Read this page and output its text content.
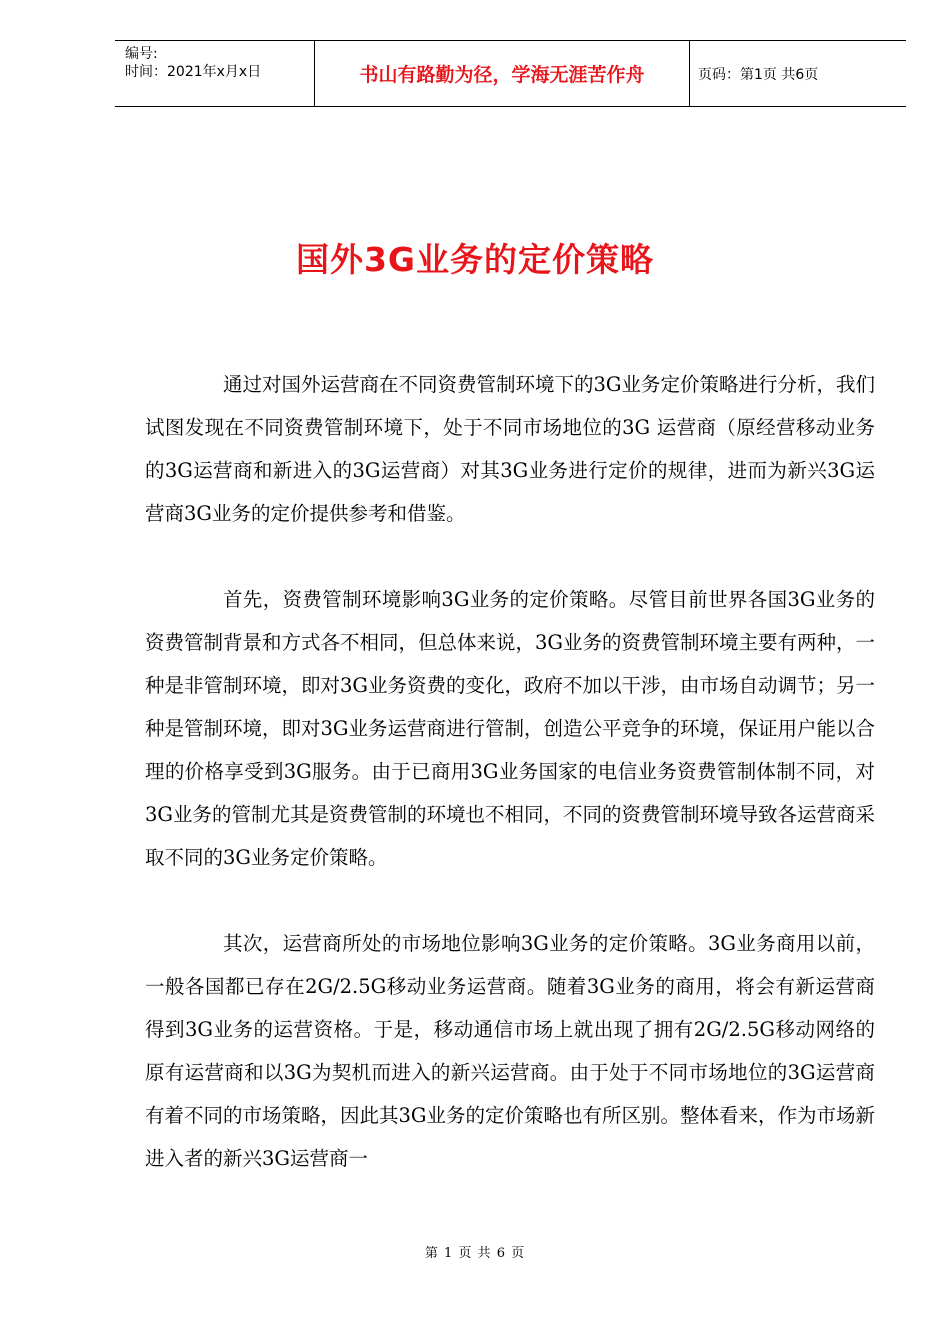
编号:
时间：2021年x月x日	书山有路勤为径，学海无涯苦作舟	页码：第1页 共6页
国外3G业务的定价策略

通过对国外运营商在不同资费管制环境下的3G业务定价策略进行分析，我们试图发现在不同资费管制环境下，处于不同市场地位的3G 运营商（原经营移动业务的3G运营商和新进入的3G运营商）对其3G业务进行定价的规律，进而为新兴3G运营商3G业务的定价提供参考和借鉴。

首先，资费管制环境影响3G业务的定价策略。尽管目前世界各国3G业务的资费管制背景和方式各不相同，但总体来说，3G业务的资费管制环境主要有两种，一种是非管制环境，即对3G业务资费的变化，政府不加以干涉，由市场自动调节；另一种是管制环境，即对3G业务运营商进行管制，创造公平竞争的环境，保证用户能以合理的价格享受到3G服务。由于已商用3G业务国家的电信业务资费管制体制不同，对3G业务的管制尤其是资费管制的环境也不相同，不同的资费管制环境导致各运营商采取不同的3G业务定价策略。

其次，运营商所处的市场地位影响3G业务的定价策略。3G业务商用以前，一般各国都已存在2G/2.5G移动业务运营商。随着3G业务的商用，将会有新运营商得到3G业务的运营资格。于是，移动通信市场上就出现了拥有2G/2.5G移动网络的原有运营商和以3G为契机而进入的新兴运营商。由于处于不同市场地位的3G运营商有着不同的市场策略，因此其3G业务的定价策略也有所区别。整体看来，作为市场新进入者的新兴3G运营商一

第 1 页 共 6 页
